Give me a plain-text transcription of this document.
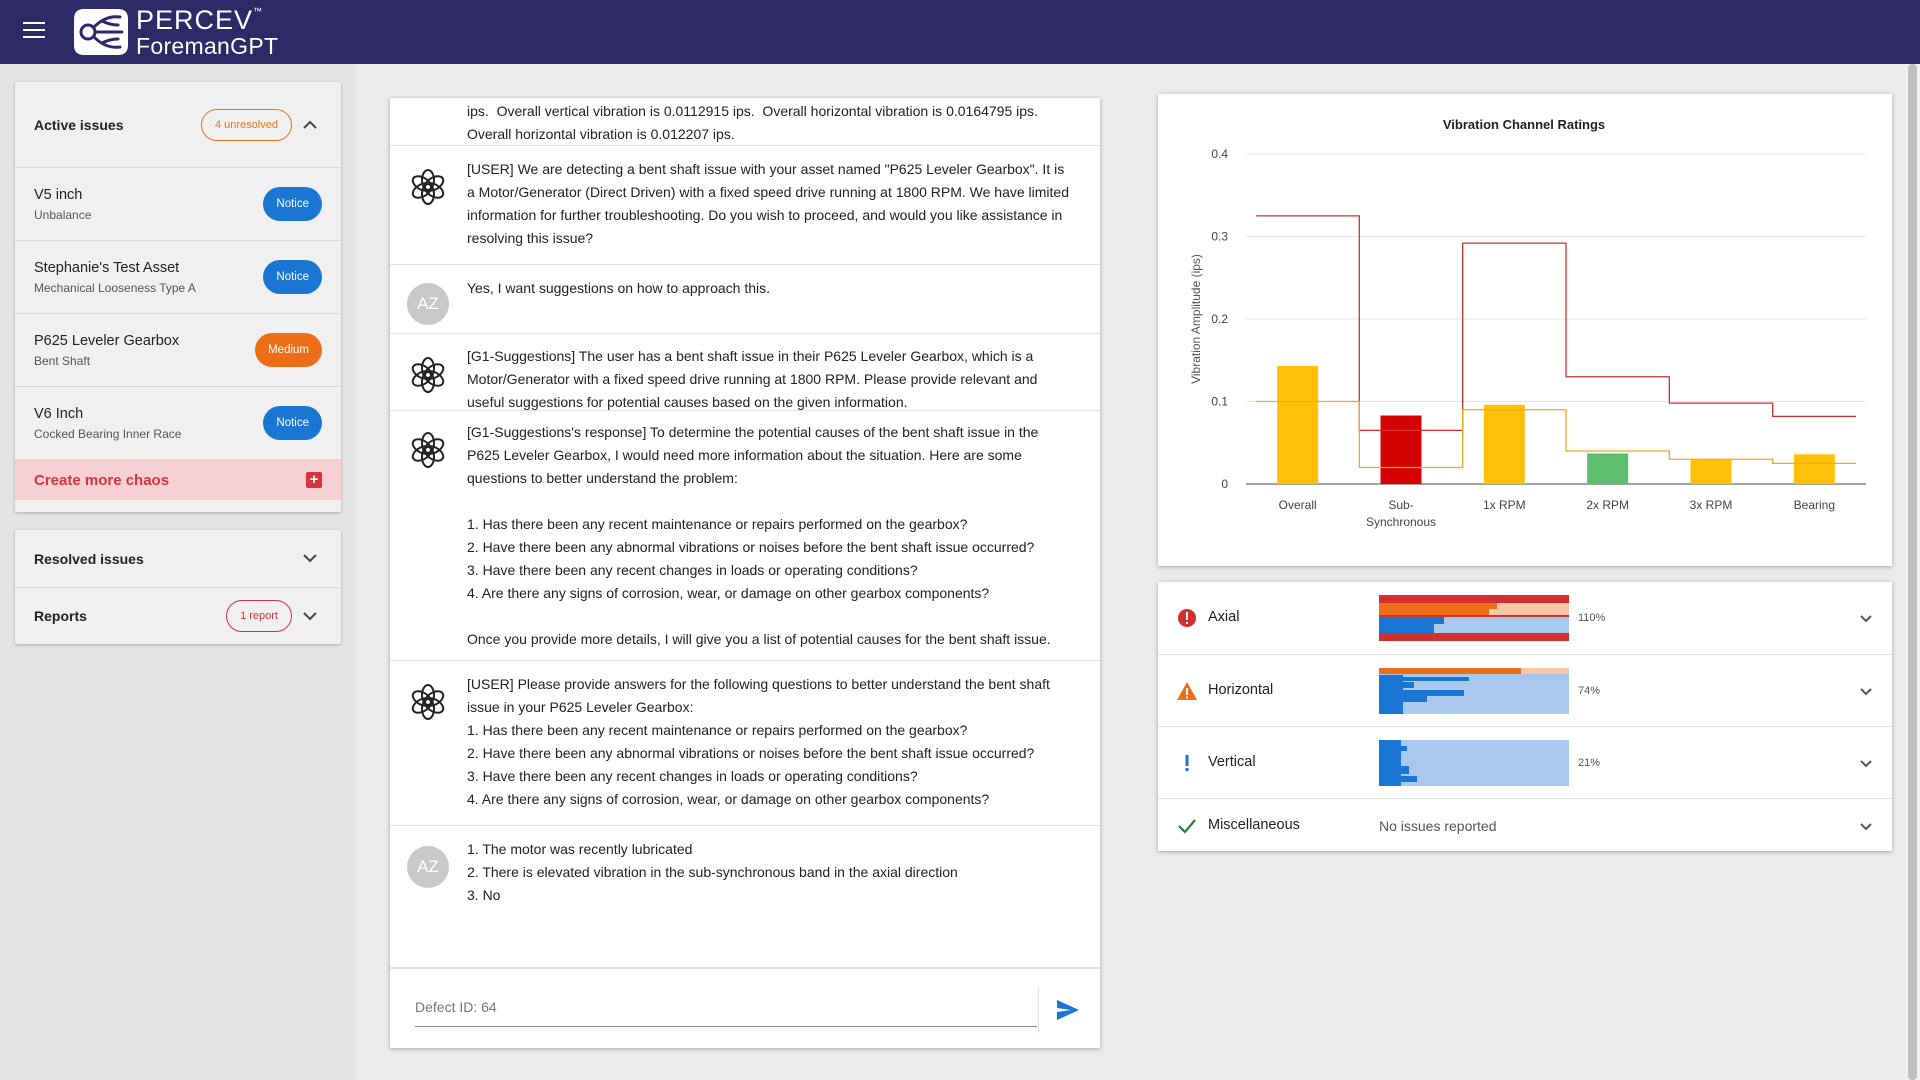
PERCEV™
ForemanGPT
Active issues	4 unresolved
V5 inch
Unbalance
Notice
Stephanie's Test Asset
Mechanical Looseness Type A
Notice
P625 Leveler Gearbox
Bent Shaft
Medium
V6 Inch
Cocked Bearing Inner Race
Notice
Create more chaos	+
Resolved issues
Reports	1 report

ips.  Overall vertical vibration is 0.0112915 ips.  Overall horizontal vibration is 0.0164795 ips.
Overall horizontal vibration is 0.012207 ips.

[USER] We are detecting a bent shaft issue with your asset named "P625 Leveler Gearbox". It is a Motor/Generator (Direct Driven) with a fixed speed drive running at 1800 RPM. We have limited information for further troubleshooting. Do you wish to proceed, and would you like assistance in resolving this issue?

AZ

Yes, I want suggestions on how to approach this.

[G1-Suggestions] The user has a bent shaft issue in their P625 Leveler Gearbox, which is a Motor/Generator with a fixed speed drive running at 1800 RPM. Please provide relevant and useful suggestions for potential causes based on the given information.

[G1-Suggestions's response] To determine the potential causes of the bent shaft issue in the P625 Leveler Gearbox, I would need more information about the situation. Here are some questions to better understand the problem:

1. Has there been any recent maintenance or repairs performed on the gearbox?
2. Have there been any abnormal vibrations or noises before the bent shaft issue occurred?
3. Have there been any recent changes in loads or operating conditions?
4. Are there any signs of corrosion, wear, or damage on other gearbox components?

Once you provide more details, I will give you a list of potential causes for the bent shaft issue.

[USER] Please provide answers for the following questions to better understand the bent shaft issue in your P625 Leveler Gearbox:
1. Has there been any recent maintenance or repairs performed on the gearbox?
2. Have there been any abnormal vibrations or noises before the bent shaft issue occurred?
3. Have there been any recent changes in loads or operating conditions?
4. Are there any signs of corrosion, wear, or damage on other gearbox components?

AZ

1. The motor was recently lubricated
2. There is elevated vibration in the sub-synchronous band in the axial direction
3. No

Defect ID: 64
Vibration Channel Ratings
Vibration Amplitude (ips)
0
0.1
0.2
0.3
0.4
Overall	Sub-
Synchronous
1x RPM	2x RPM	3x RPM	Bearing
Axial	110%
Horizontal	74%
Vertical	21%
Miscellaneous	No issues reported
